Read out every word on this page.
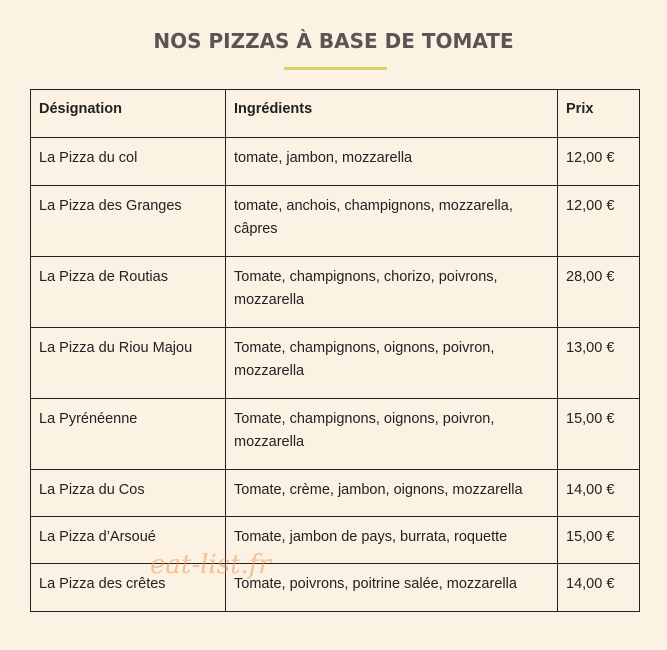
NOS PIZZAS À BASE DE TOMATE
Désignation	Ingrédients	Prix
La Pizza du col	tomate, jambon, mozzarella	12,00 €
La Pizza des Granges	tomate, anchois, champignons, mozzarella, câpres	12,00 €
La Pizza de Routias	Tomate, champignons, chorizo, poivrons, mozzarella	28,00 €
La Pizza du Riou Majou	Tomate, champignons, oignons, poivron, mozzarella	13,00 €
La Pyrénéenne	Tomate, champignons, oignons, poivron, mozzarella	15,00 €
La Pizza du Cos	Tomate, crème, jambon, oignons, mozzarella	14,00 €
La Pizza d’Arsoué	Tomate, jambon de pays, burrata, roquette	15,00 €
La Pizza des crêtes	Tomate, poivrons, poitrine salée, mozzarella	14,00 €
eat-list.fr
